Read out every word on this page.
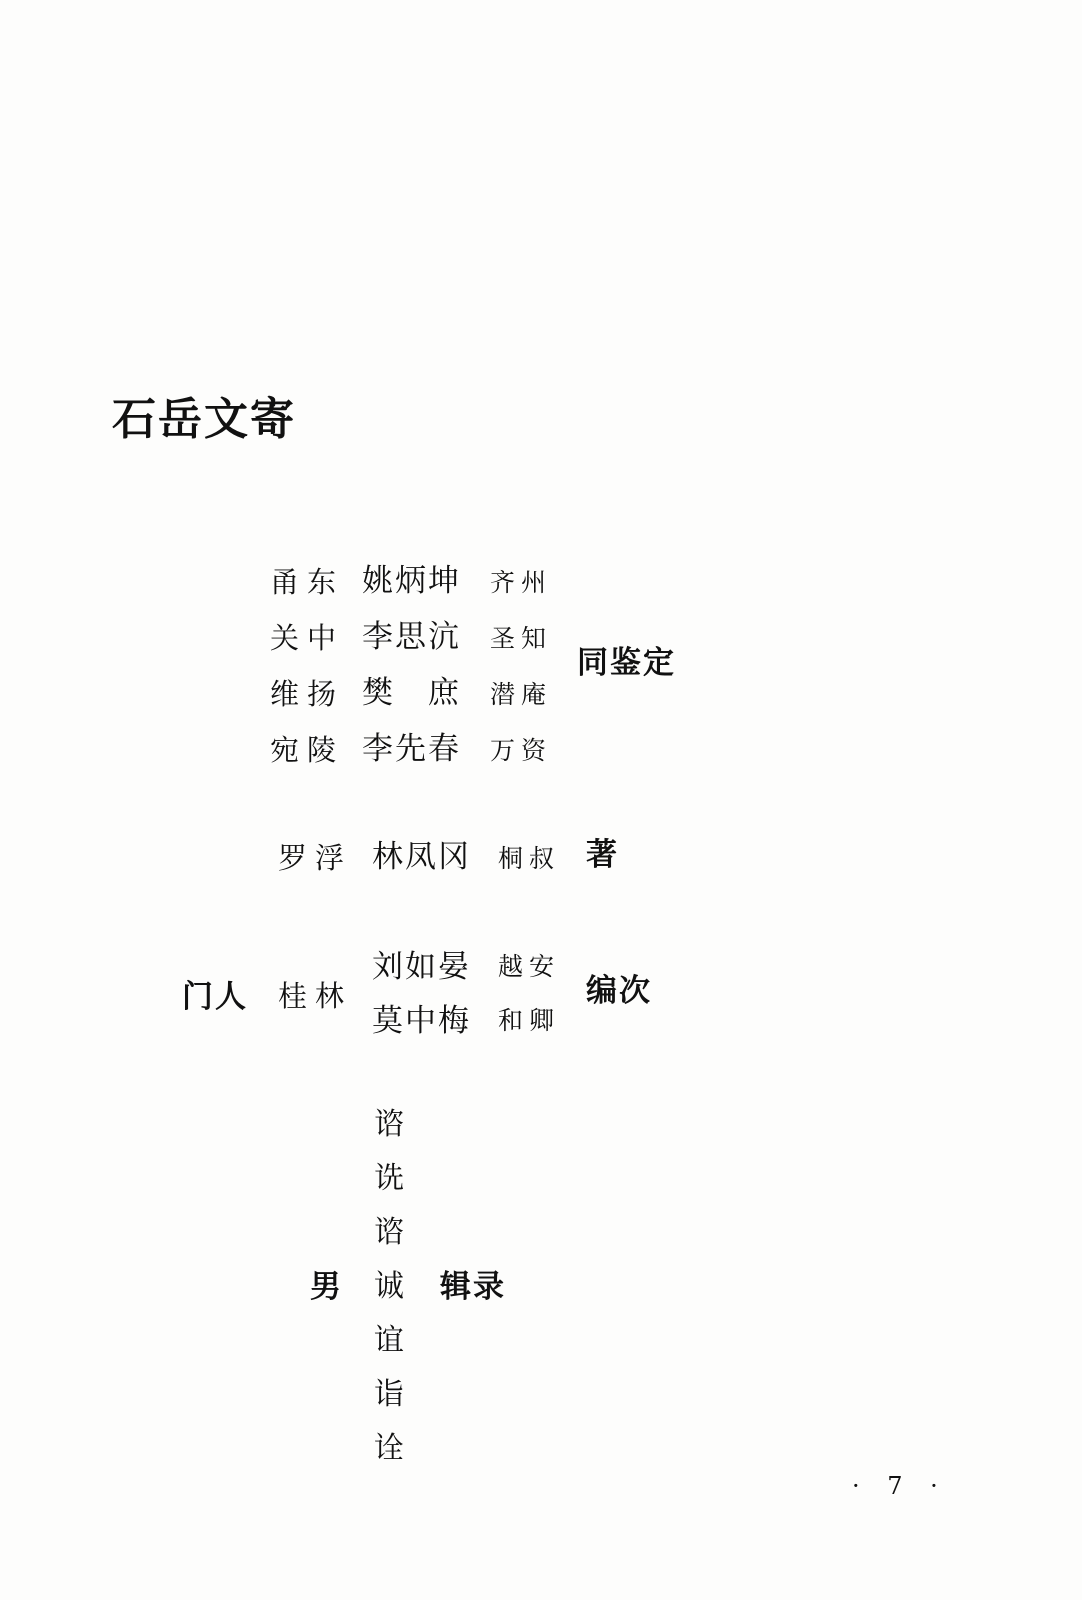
石岳文寄
甬东 姚炳坤 齐州
关中 李思沆 圣知
维扬 樊　庶 潜庵
宛陵 李先春 万资
同鉴定
罗浮 林凤冈 桐叔 著
门人 桂林
刘如晏 越安
莫中梅 和卿
编次
男
谘
诜
谘
诚
谊
诣
诠
辑录
· 7 ·
